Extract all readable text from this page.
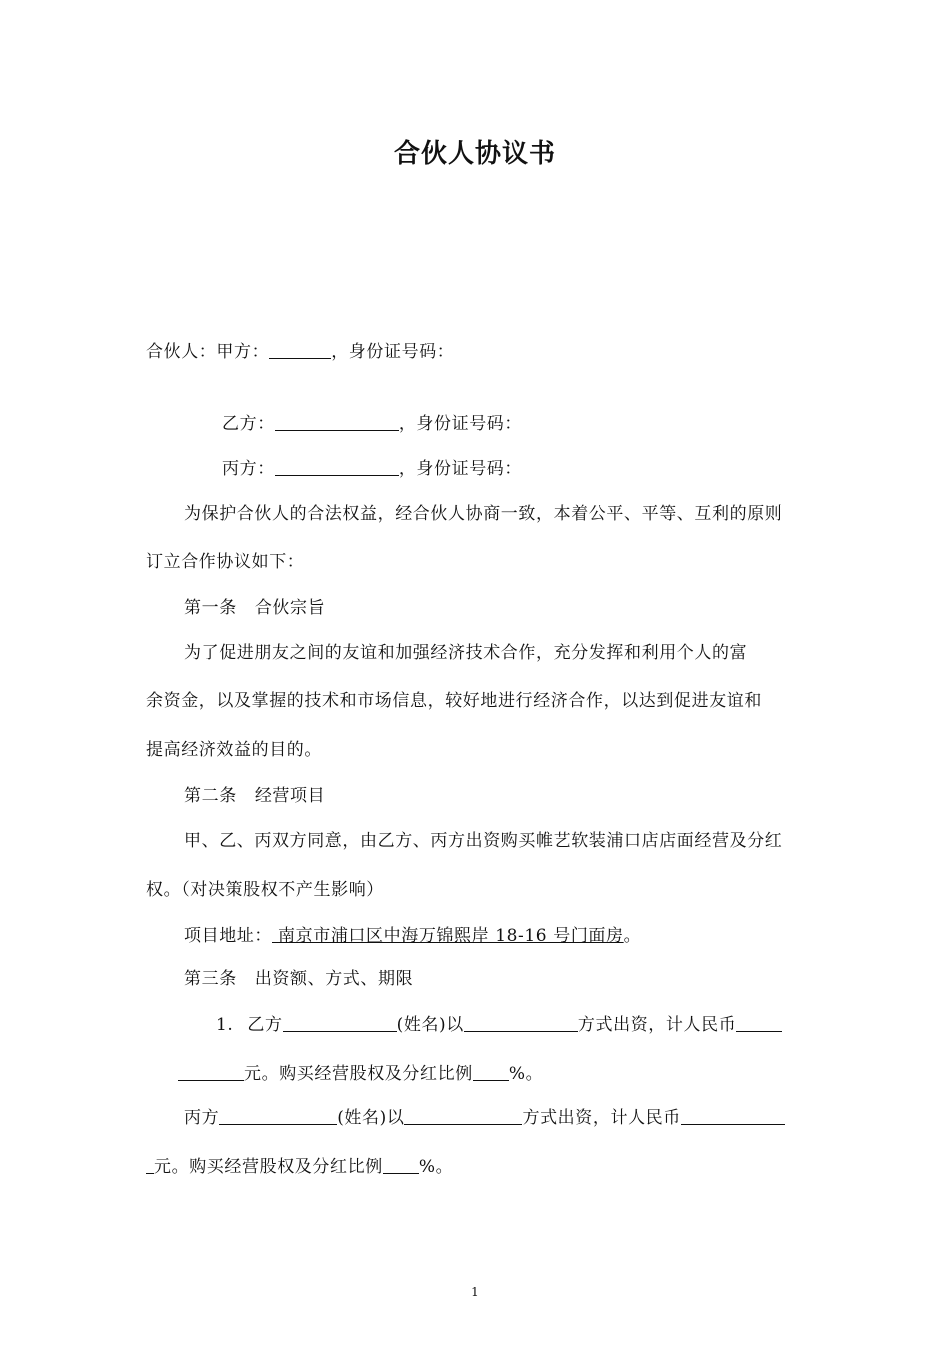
合伙人协议书
合伙人：甲方：	，身份证号码：
乙方：	，身份证号码：
丙方：	，身份证号码：
为保护合伙人的合法权益，经合伙人协商一致，本着公平、平等、互利的原则
订立合作协议如下：
第一条 合伙宗旨
为了促进朋友之间的友谊和加强经济技术合作，充分发挥和利用个人的富
余资金，以及掌握的技术和市场信息，较好地进行经济合作，以达到促进友谊和
提高经济效益的目的。
第二条 经营项目
甲、乙、丙双方同意，由乙方、丙方出资购买帷艺软装浦口店店面经营及分红
权。（对决策股权不产生影响）
项目地址： 南京市浦口区中海万锦熙岸 18-16 号门面房。
第三条 出资额、方式、期限
1. 乙方	(姓名)以	方式出资，计人民币
元。购买经营股权及分红比例 %。
丙方	(姓名)以	方式出资，计人民币
元。购买经营股权及分红比例 %。
1
